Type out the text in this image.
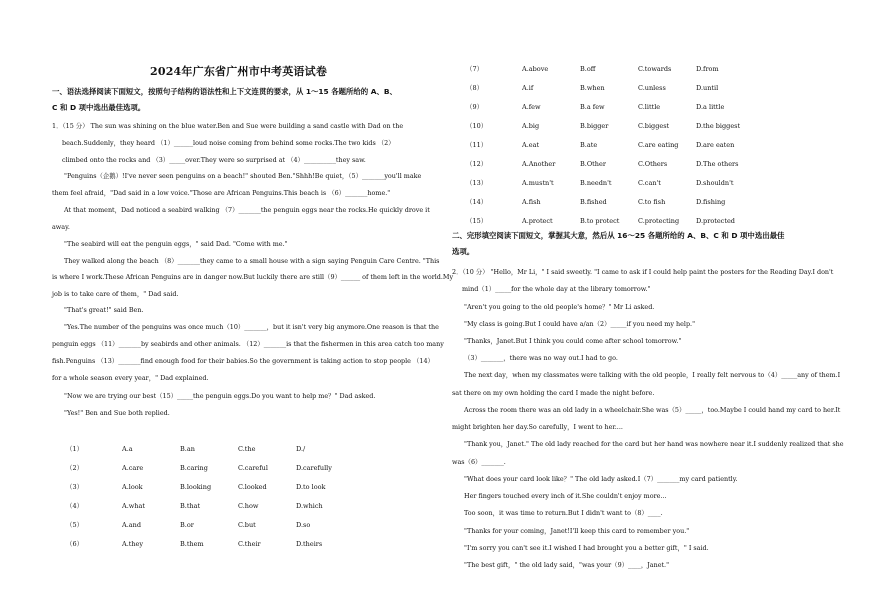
2024年广东省广州市中考英语试卷
一、语法选择阅读下面短文，按照句子结构的语法性和上下文连贯的要求，从 1～15 各题所给的 A、B、
C 和 D 项中选出最佳选项。
1．（15 分） The sun was shining on the blue water.Ben and Sue were building a sand castle with Dad on the
beach.Suddenly，they heard （1）______loud noise coming from behind some rocks.The two kids （2）
climbed onto the rocks and （3）_____over.They were so surprised at （4）__________they saw.
"Penguins（企鹅）!I've never seen penguins on a beach!" shouted Ben."Shhh!Be quiet，（5）_______you'll make
them feel afraid，"Dad said in a low voice."Those are African Penguins.This beach is （6）_______home."
At that moment，Dad noticed a seabird walking （7）_______the penguin eggs near the rocks.He quickly drove it
away.
"The seabird will eat the penguin eggs，" said Dad. "Come with me."
They walked along the beach （8）_______they came to a small house with a sign saying Penguin Care Centre. "This
is where I work.These African Penguins are in danger now.But luckily there are still（9）______ of them left in the world.My
job is to take care of them，" Dad said.
"That's great!" said Ben.
"Yes.The number of the penguins was once much（10）_______，but it isn't very big anymore.One reason is that the
penguin eggs （11）_______by seabirds and other animals. （12）_______is that the fishermen in this area catch too many
fish.Penguins （13）_______find enough food for their babies.So the government is taking action to stop people （14）
for a whole season every year，" Dad explained.
"Now we are trying our best（15）_____the penguin eggs.Do you want to help me？" Dad asked.
"Yes!" Ben and Sue both replied.
（1）	A.a	B.an	C.the	D./
（2）	A.care	B.caring	C.careful	D.carefully
（3）	A.look	B.looking	C.looked	D.to look
（4）	A.what	B.that	C.how	D.which
（5）	A.and	B.or	C.but	D.so
（6）	A.they	B.them	C.their	D.theirs
（7）	A.above	B.off	C.towards	D.from
（8）	A.if	B.when	C.unless	D.until
（9）	A.few	B.a few	C.little	D.a little
（10）	A.big	B.bigger	C.biggest	D.the biggest
（11）	A.eat	B.ate	C.are eating	D.are eaten
（12）	A.Another	B.Other	C.Others	D.The others
（13）	A.mustn't	B.needn't	C.can't	D.shouldn't
（14）	A.fish	B.fished	C.to fish	D.fishing
（15）	A.protect	B.to protect	C.protecting	D.protected
二、完形填空阅读下面短文，掌握其大意，然后从 16～25 各题所给的 A、B、C 和 D 项中选出最佳
选项。
2．（10 分） "Hello，Mr Li，" I said sweetly. "I came to ask if I could help paint the posters for the Reading Day.I don't
mind（1）_____for the whole day at the library tomorrow."
"Aren't you going to the old people's home？" Mr Li asked.
"My class is going.But I could have a/an（2）_____if you need my help."
"Thanks，Janet.But I think you could come after school tomorrow."
（3）_______，there was no way out.I had to go.
The next day，when my classmates were talking with the old people，I really felt nervous to（4）_____any of them.I
sat there on my own holding the card I made the night before.
Across the room there was an old lady in a wheelchair.She was（5）_____，too.Maybe I could hand my card to her.It
might brighten her day.So carefully，I went to her....
"Thank you，Janet." The old lady reached for the card but her hand was nowhere near it.I suddenly realized that she
was（6）_______.
"What does your card look like？" The old lady asked.I（7）_______my card patiently.
Her fingers touched every inch of it.She couldn't enjoy more...
Too soon，it was time to return.But I didn't want to（8）____.
"Thanks for your coming，Janet!I'll keep this card to remember you."
"I'm sorry you can't see it.I wished I had brought you a better gift，" I said.
"The best gift，" the old lady said，"was your（9）____，Janet."
